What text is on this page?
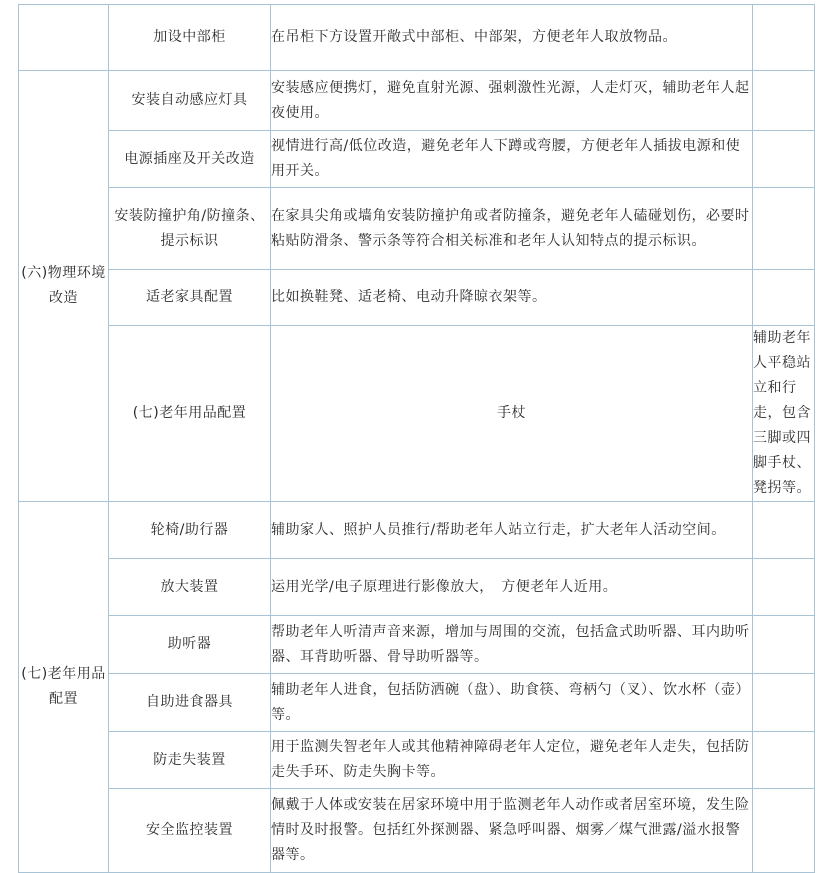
	加设中部柜	在吊柜下方设置开敞式中部柜、中部架，方便老年人取放物品。		
(六)物理环境改造	安装自动感应灯具	安装感应便携灯，避免直射光源、强刺激性光源，人走灯灭，辅助老年人起夜使用。		
	电源插座及开关改造	视情进行高/低位改造，避免老年人下蹲或弯腰，方便老年人插拔电源和使用开关。		
	安装防撞护角/防撞条、提示标识	在家具尖角或墙角安装防撞护角或者防撞条，避免老年人磕碰划伤，必要时粘贴防滑条、警示条等符合相关标准和老年人认知特点的提示标识。		
	适老家具配置	比如换鞋凳、适老椅、电动升降晾衣架等。		
	(七)老年用品配置	手杖	辅助老年人平稳站立和行走，包含三脚或四脚手杖、凳拐等。	
(七)老年用品配置	轮椅/助行器	辅助家人、照护人员推行/帮助老年人站立行走，扩大老年人活动空间。		
	放大装置	运用光学/电子原理进行影像放大，　方便老年人近用。		
	助听器	帮助老年人听清声音来源，增加与周围的交流，包括盒式助听器、耳内助听器、耳背助听器、骨导助听器等。		
	自助进食器具	辅助老年人进食，包括防洒碗（盘）、助食筷、弯柄勺（叉）、饮水杯（壶）　等。		
	防走失装置	用于监测失智老年人或其他精神障碍老年人定位，避免老年人走失，包括防走失手环、防走失胸卡等。		
	安全监控装置	佩戴于人体或安装在居家环境中用于监测老年人动作或者居室环境，发生险情时及时报警。包括红外探测器、紧急呼叫器、烟雾／煤气泄露/溢水报警器等。		
